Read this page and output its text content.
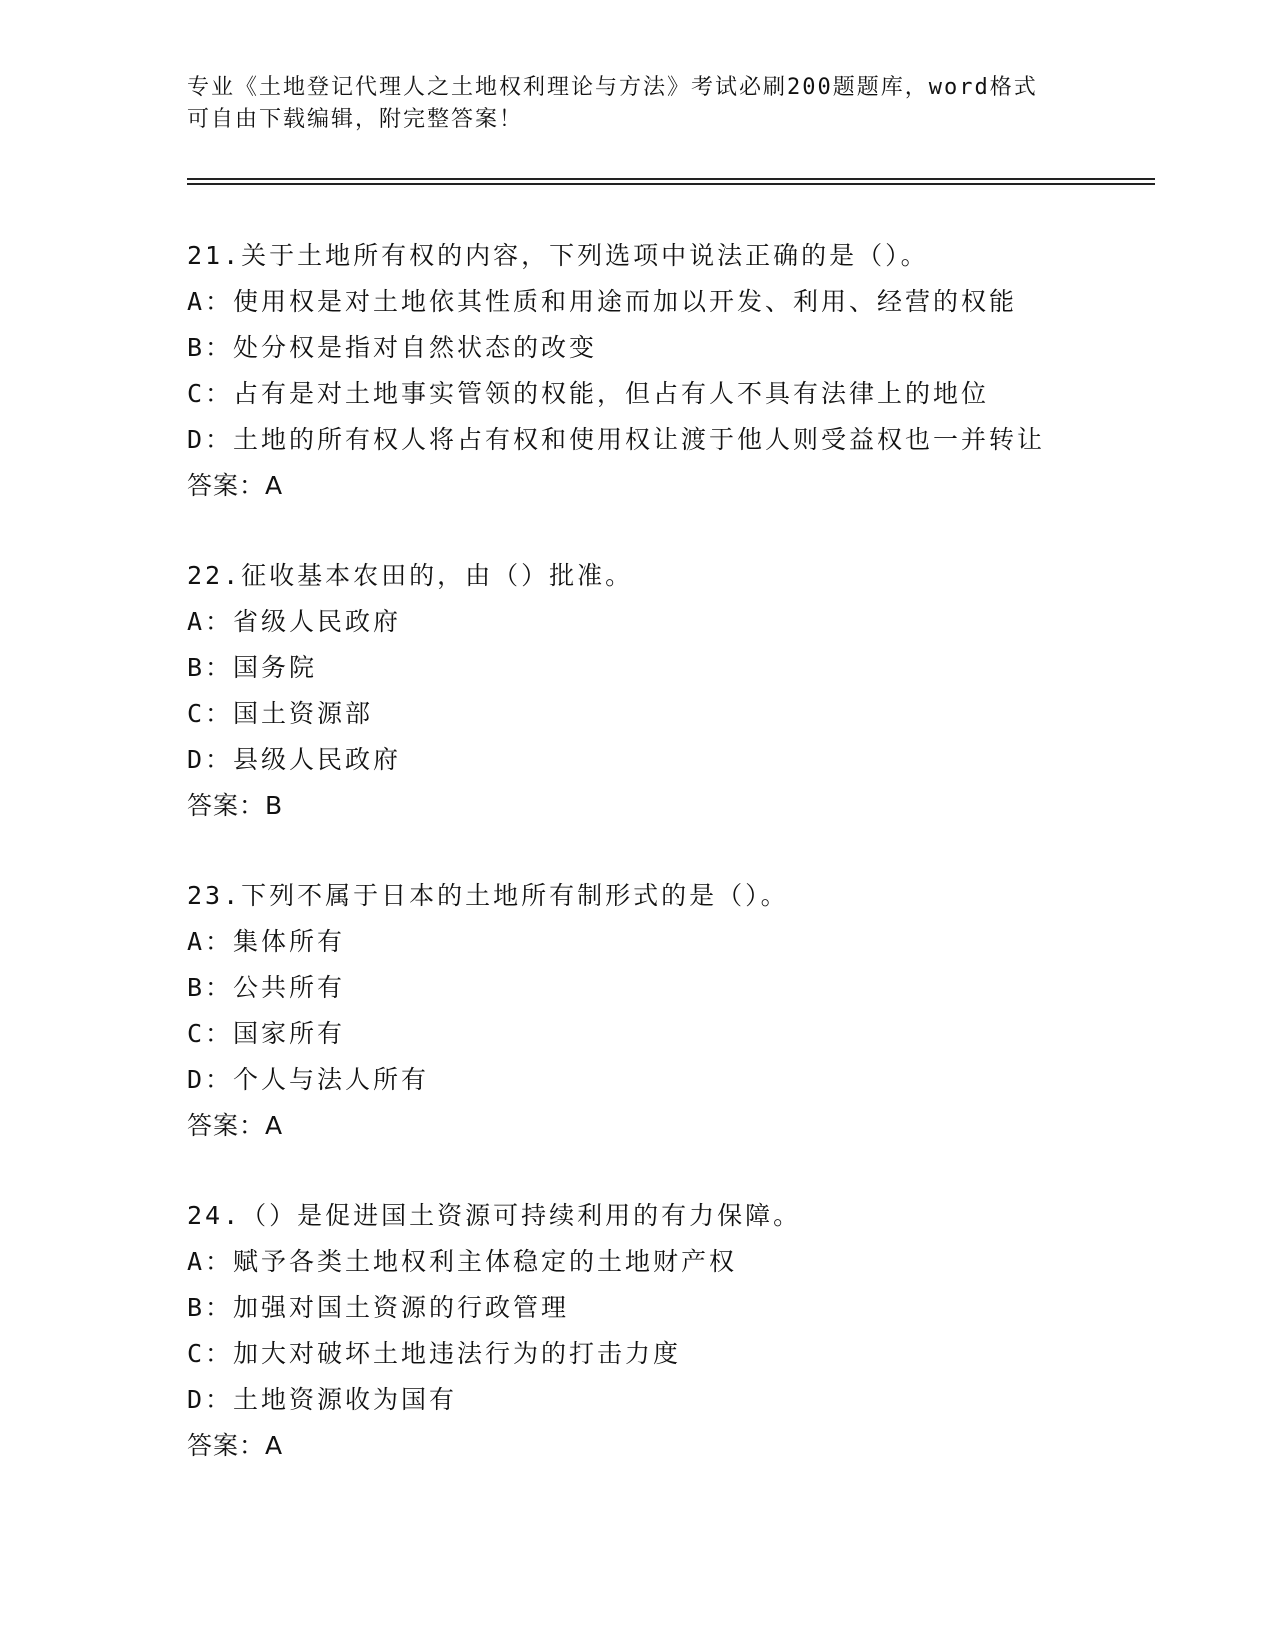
专业《土地登记代理人之土地权利理论与方法》考试必刷200题题库，word格式
可自由下载编辑，附完整答案！
21.关于土地所有权的内容，下列选项中说法正确的是（）。
A：使用权是对土地依其性质和用途而加以开发、利用、经营的权能
B：处分权是指对自然状态的改变
C：占有是对土地事实管领的权能，但占有人不具有法律上的地位
D：土地的所有权人将占有权和使用权让渡于他人则受益权也一并转让
答案：A
22.征收基本农田的，由（）批准。
A：省级人民政府
B：国务院
C：国土资源部
D：县级人民政府
答案：B
23.下列不属于日本的土地所有制形式的是（）。
A：集体所有
B：公共所有
C：国家所有
D：个人与法人所有
答案：A
24.（）是促进国土资源可持续利用的有力保障。
A：赋予各类土地权利主体稳定的土地财产权
B：加强对国土资源的行政管理
C：加大对破坏土地违法行为的打击力度
D：土地资源收为国有
答案：A
